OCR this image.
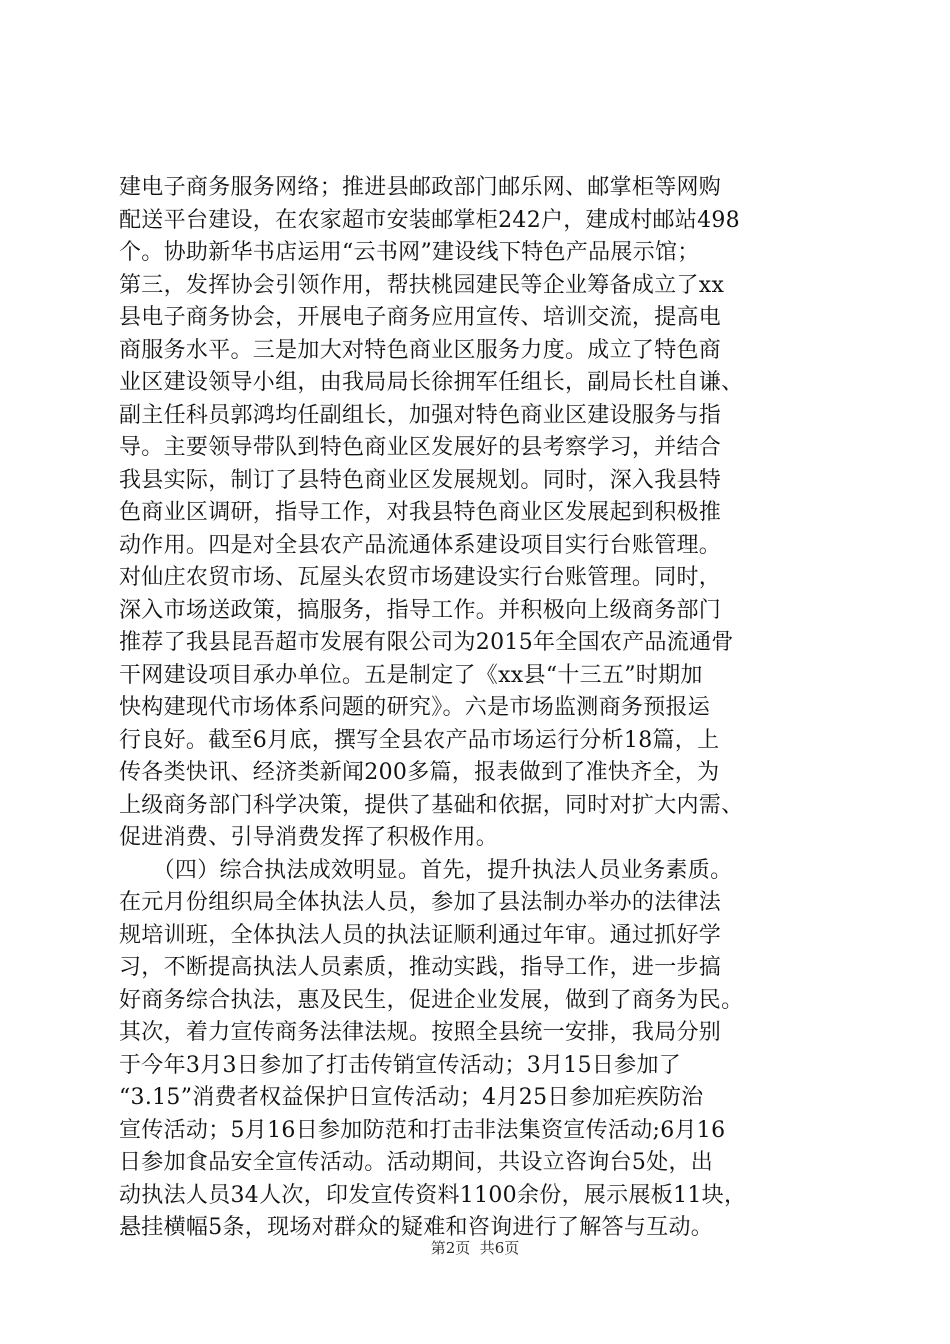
建电子商务服务网络；推进县邮政部门邮乐网、邮掌柜等网购
配送平台建设，在农家超市安装邮掌柜242户，建成村邮站498
个。协助新华书店运用“云书网”建设线下特色产品展示馆；
第三，发挥协会引领作用，帮扶桃园建民等企业筹备成立了xx
县电子商务协会，开展电子商务应用宣传、培训交流，提高电
商服务水平。三是加大对特色商业区服务力度。成立了特色商
业区建设领导小组，由我局局长徐拥军任组长，副局长杜自谦、
副主任科员郭鸿均任副组长，加强对特色商业区建设服务与指
导。主要领导带队到特色商业区发展好的县考察学习，并结合
我县实际，制订了县特色商业区发展规划。同时，深入我县特
色商业区调研，指导工作，对我县特色商业区发展起到积极推
动作用。四是对全县农产品流通体系建设项目实行台账管理。
对仙庄农贸市场、瓦屋头农贸市场建设实行台账管理。同时，
深入市场送政策，搞服务，指导工作。并积极向上级商务部门
推荐了我县昆吾超市发展有限公司为2015年全国农产品流通骨
干网建设项目承办单位。五是制定了《xx县“十三五”时期加
快构建现代市场体系问题的研究》。六是市场监测商务预报运
行良好。截至6月底，撰写全县农产品市场运行分析18篇，上
传各类快讯、经济类新闻200多篇，报表做到了准快齐全，为
上级商务部门科学决策，提供了基础和依据，同时对扩大内需、
促进消费、引导消费发挥了积极作用。
　　（四）综合执法成效明显。首先，提升执法人员业务素质。
在元月份组织局全体执法人员，参加了县法制办举办的法律法
规培训班，全体执法人员的执法证顺利通过年审。通过抓好学
习，不断提高执法人员素质，推动实践，指导工作，进一步搞
好商务综合执法，惠及民生，促进企业发展，做到了商务为民。
其次，着力宣传商务法律法规。按照全县统一安排，我局分别
于今年3月3日参加了打击传销宣传活动；3月15日参加了
“3.15”消费者权益保护日宣传活动；4月25日参加疟疾防治
宣传活动；5月16日参加防范和打击非法集资宣传活动;6月16
日参加食品安全宣传活动。活动期间，共设立咨询台5处，出
动执法人员34人次，印发宣传资料1100余份，展示展板11块，
悬挂横幅5条，现场对群众的疑难和咨询进行了解答与互动。
第2页  共6页
